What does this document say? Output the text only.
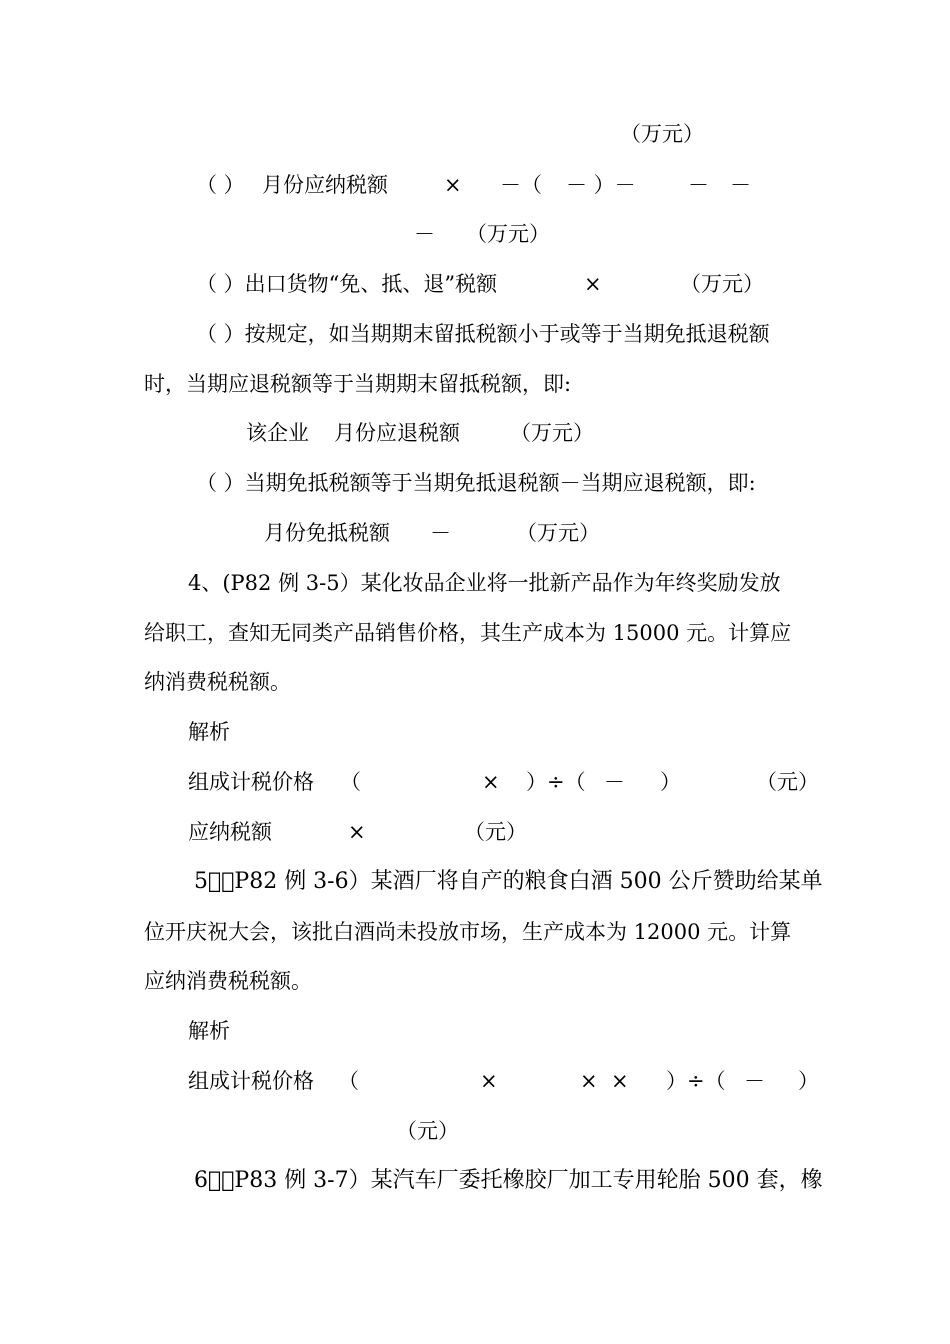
（万元）
（ ） 月份应纳税额	× －（ － ）－ － －
－ （万元）
（ ）出口货物“免、抵、退”税额	×	（万元）
（ ）按规定，如当期期末留抵税额小于或等于当期免抵退税额
时，当期应退税额等于当期期末留抵税额，即:
该企业 月份应退税额 （万元）
（ ）当期免抵税额等于当期免抵退税额－当期应退税额，即:
月份免抵税额 －	（万元）
4、(P82 例 3-5）某化妆品企业将一批新产品作为年终奖励发放
给职工，查知无同类产品销售价格，其生产成本为 15000 元。计算应
纳消费税税额。
解析
组成计税价格 （	× ）÷（ － ）	（元）
应纳税额	×	（元）
5 （P82 例 3-6）某酒厂将自产的粮食白酒 500 公斤赞助给某单
位开庆祝大会，该批白酒尚未投放市场，生产成本为 12000 元。计算
应纳消费税税额。
解析
组成计税价格 （	×	×  × ）÷（ － ）
（元）
6 （P83 例 3-7）某汽车厂委托橡胶厂加工专用轮胎 500 套，橡
